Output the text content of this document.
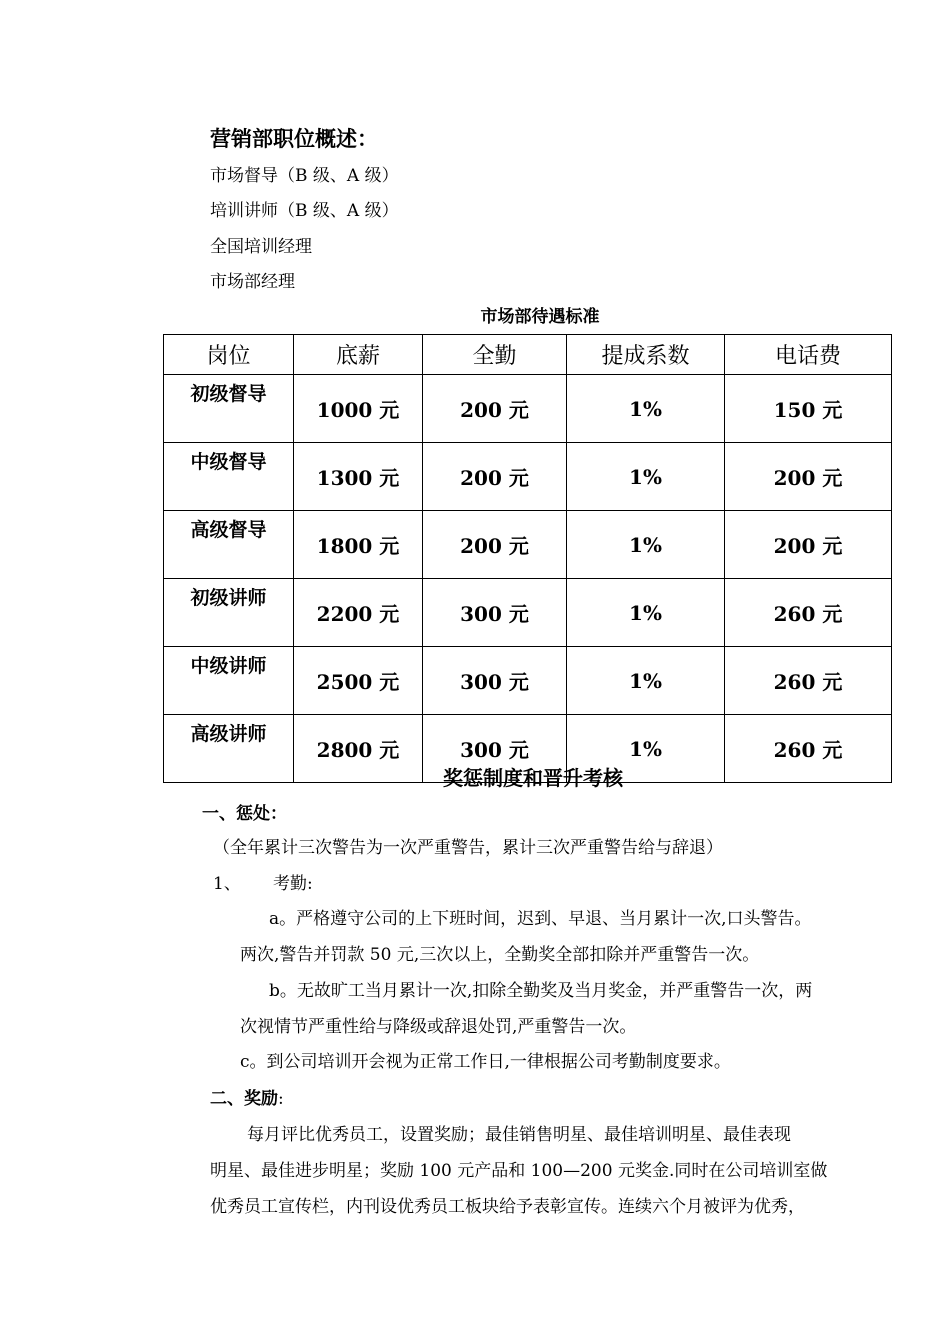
营销部职位概述：
市场督导（B 级、A 级）
培训讲师（B 级、A 级）
全国培训经理
市场部经理
市场部待遇标准
岗位	底薪	全勤	提成系数	电话费
初级督导	1000 元	200 元	1%	150 元
中级督导	1300 元	200 元	1%	200 元
高级督导	1800 元	200 元	1%	200 元
初级讲师	2200 元	300 元	1%	260 元
中级讲师	2500 元	300 元	1%	260 元
高级讲师	2800 元	300 元	1%	260 元
奖惩制度和晋升考核
一、惩处：
（全年累计三次警告为一次严重警告，累计三次严重警告给与辞退）
1、 考勤:
a。严格遵守公司的上下班时间，迟到、早退、当月累计一次,口头警告。
两次,警告并罚款 50 元,三次以上，全勤奖全部扣除并严重警告一次。
b。无故旷工当月累计一次,扣除全勤奖及当月奖金，并严重警告一次，两
次视情节严重性给与降级或辞退处罚,严重警告一次。
c。到公司培训开会视为正常工作日,一律根据公司考勤制度要求。
二、奖励:
每月评比优秀员工，设置奖励；最佳销售明星、最佳培训明星、最佳表现
明星、最佳进步明星；奖励 100 元产品和 100—200 元奖金.同时在公司培训室做
优秀员工宣传栏，内刊设优秀员工板块给予表彰宣传。连续六个月被评为优秀，
